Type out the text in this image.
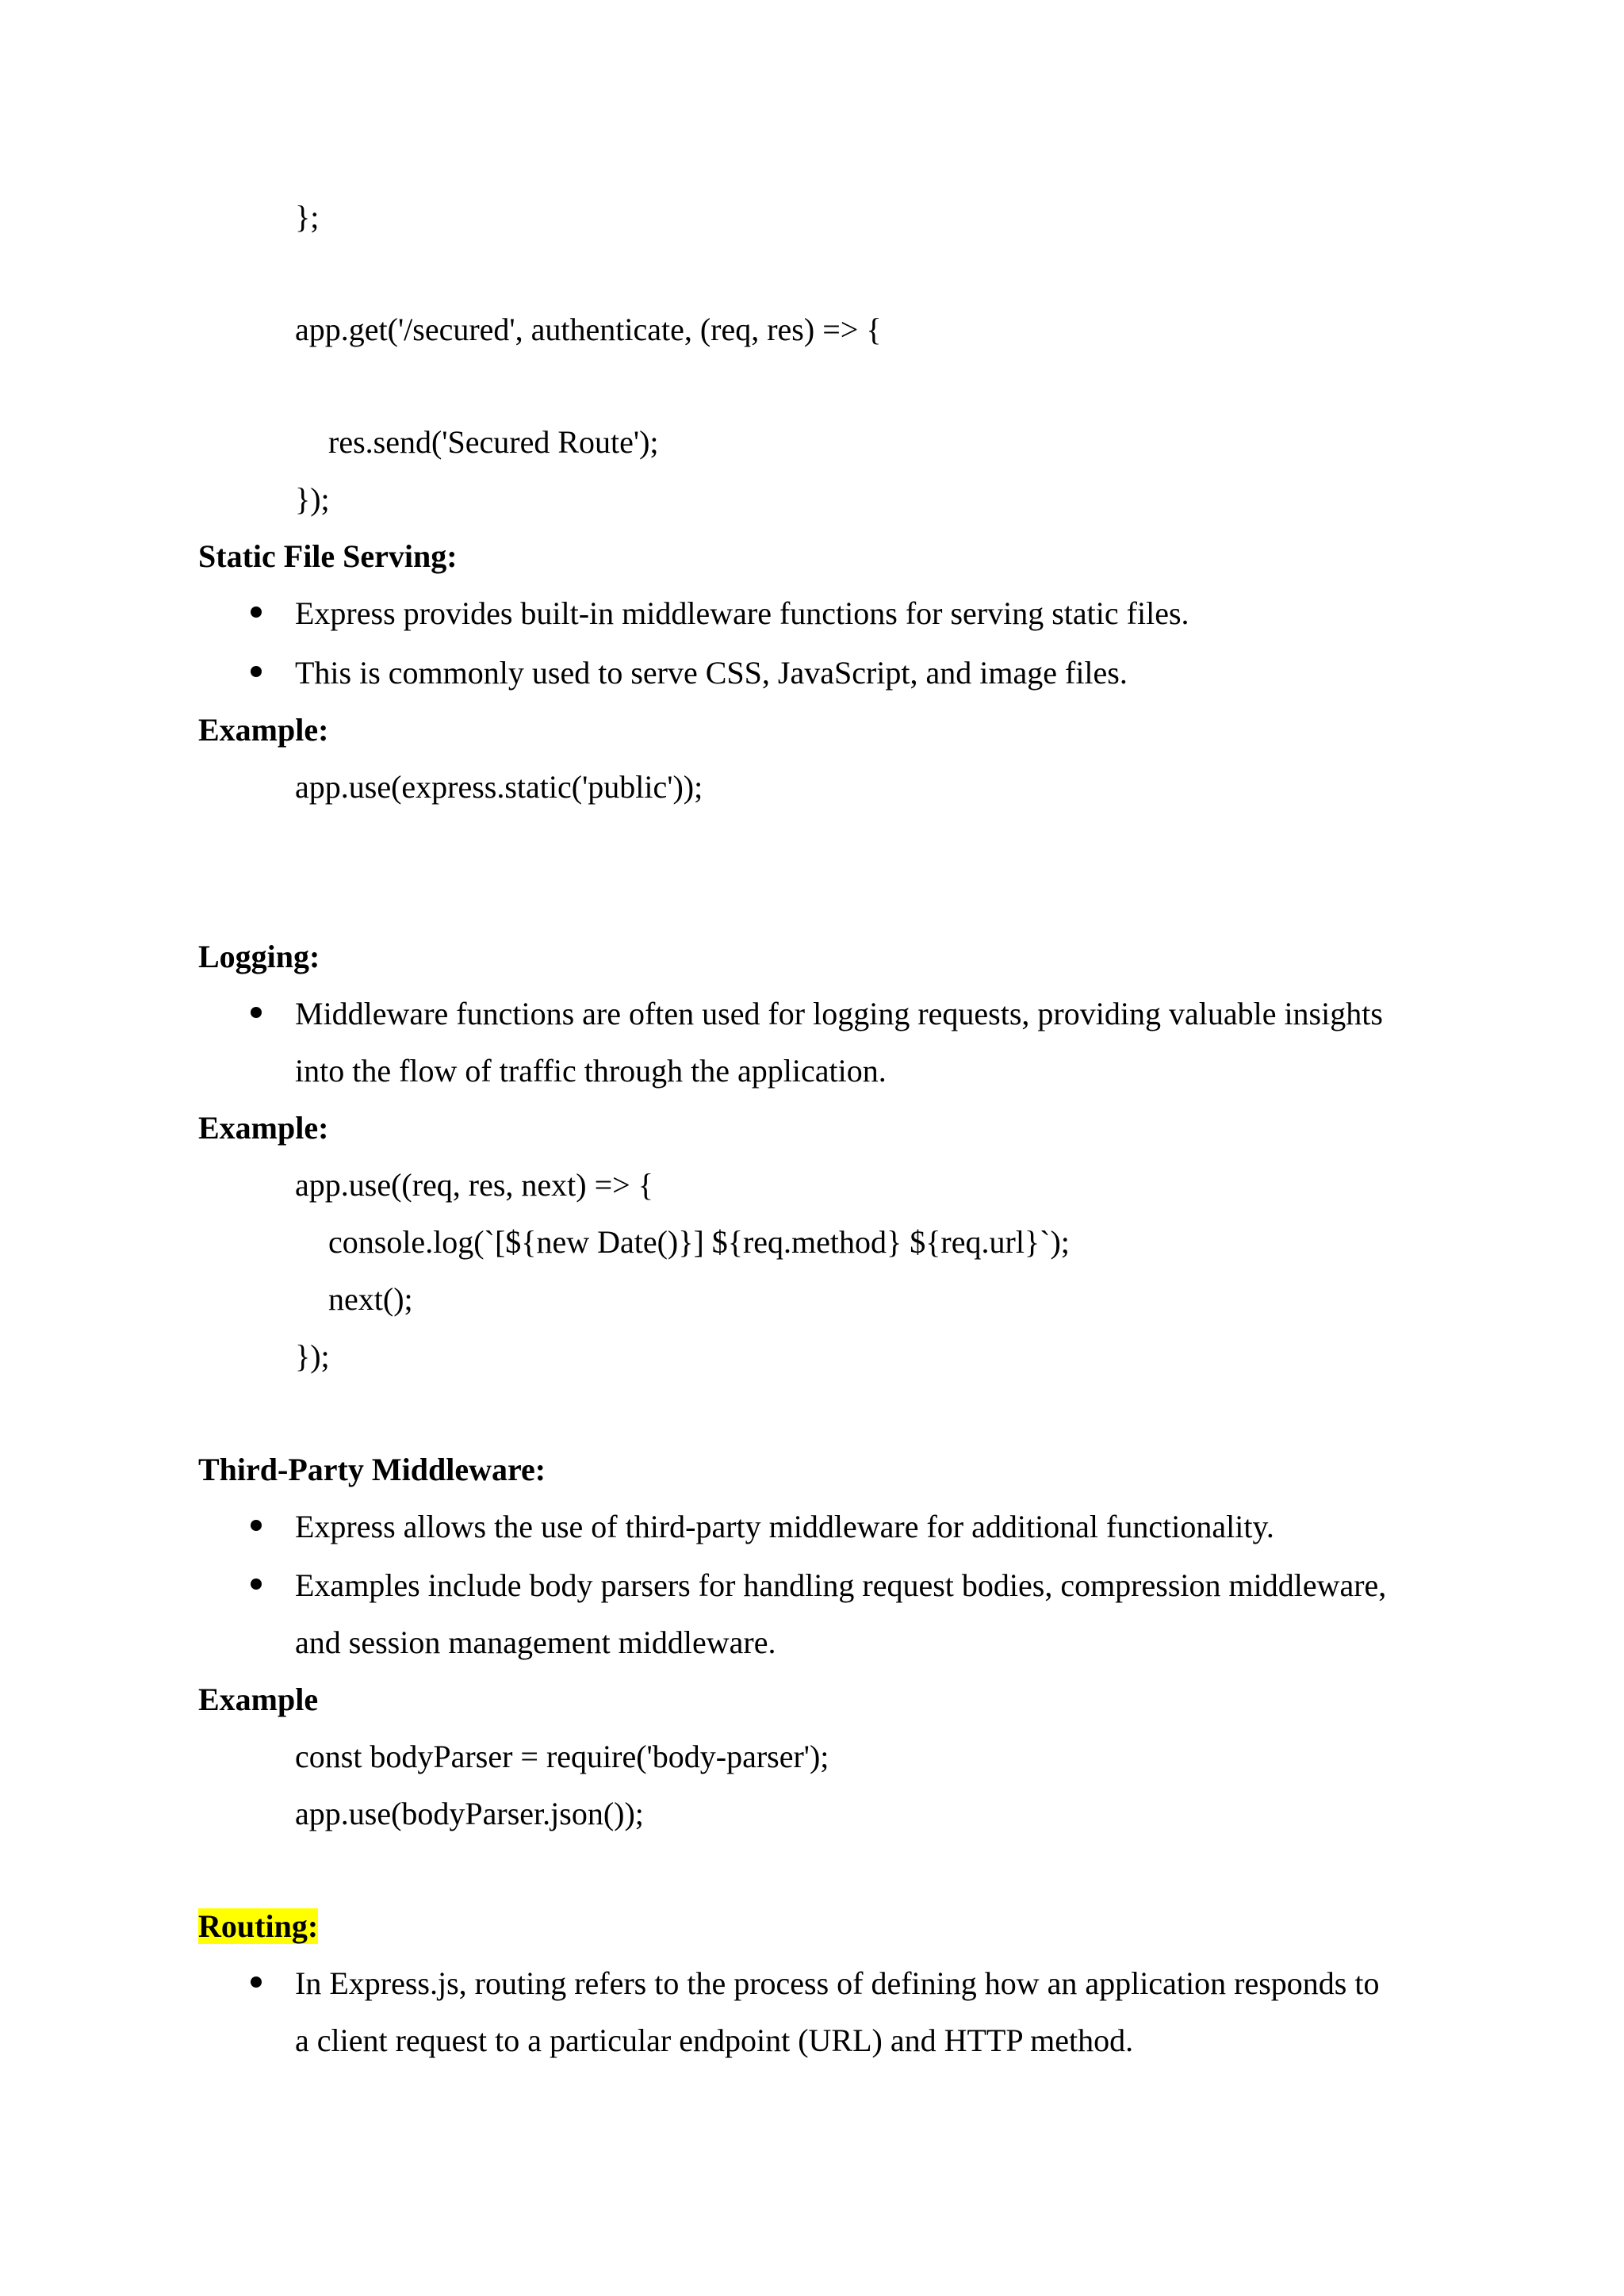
};
app.get('/secured', authenticate, (req, res) => {
res.send('Secured Route');
});
Static File Serving:
Express provides built-in middleware functions for serving static files.
This is commonly used to serve CSS, JavaScript, and image files.
Example:
app.use(express.static('public'));
Logging:
Middleware functions are often used for logging requests, providing valuable insights
into the flow of traffic through the application.
Example:
app.use((req, res, next) => {
console.log(`[${new Date()}] ${req.method} ${req.url}`);
next();
});
Third-Party Middleware:
Express allows the use of third-party middleware for additional functionality.
Examples include body parsers for handling request bodies, compression middleware,
and session management middleware.
Example
const bodyParser = require('body-parser');
app.use(bodyParser.json());
Routing:
In Express.js, routing refers to the process of defining how an application responds to
a client request to a particular endpoint (URL) and HTTP method.
